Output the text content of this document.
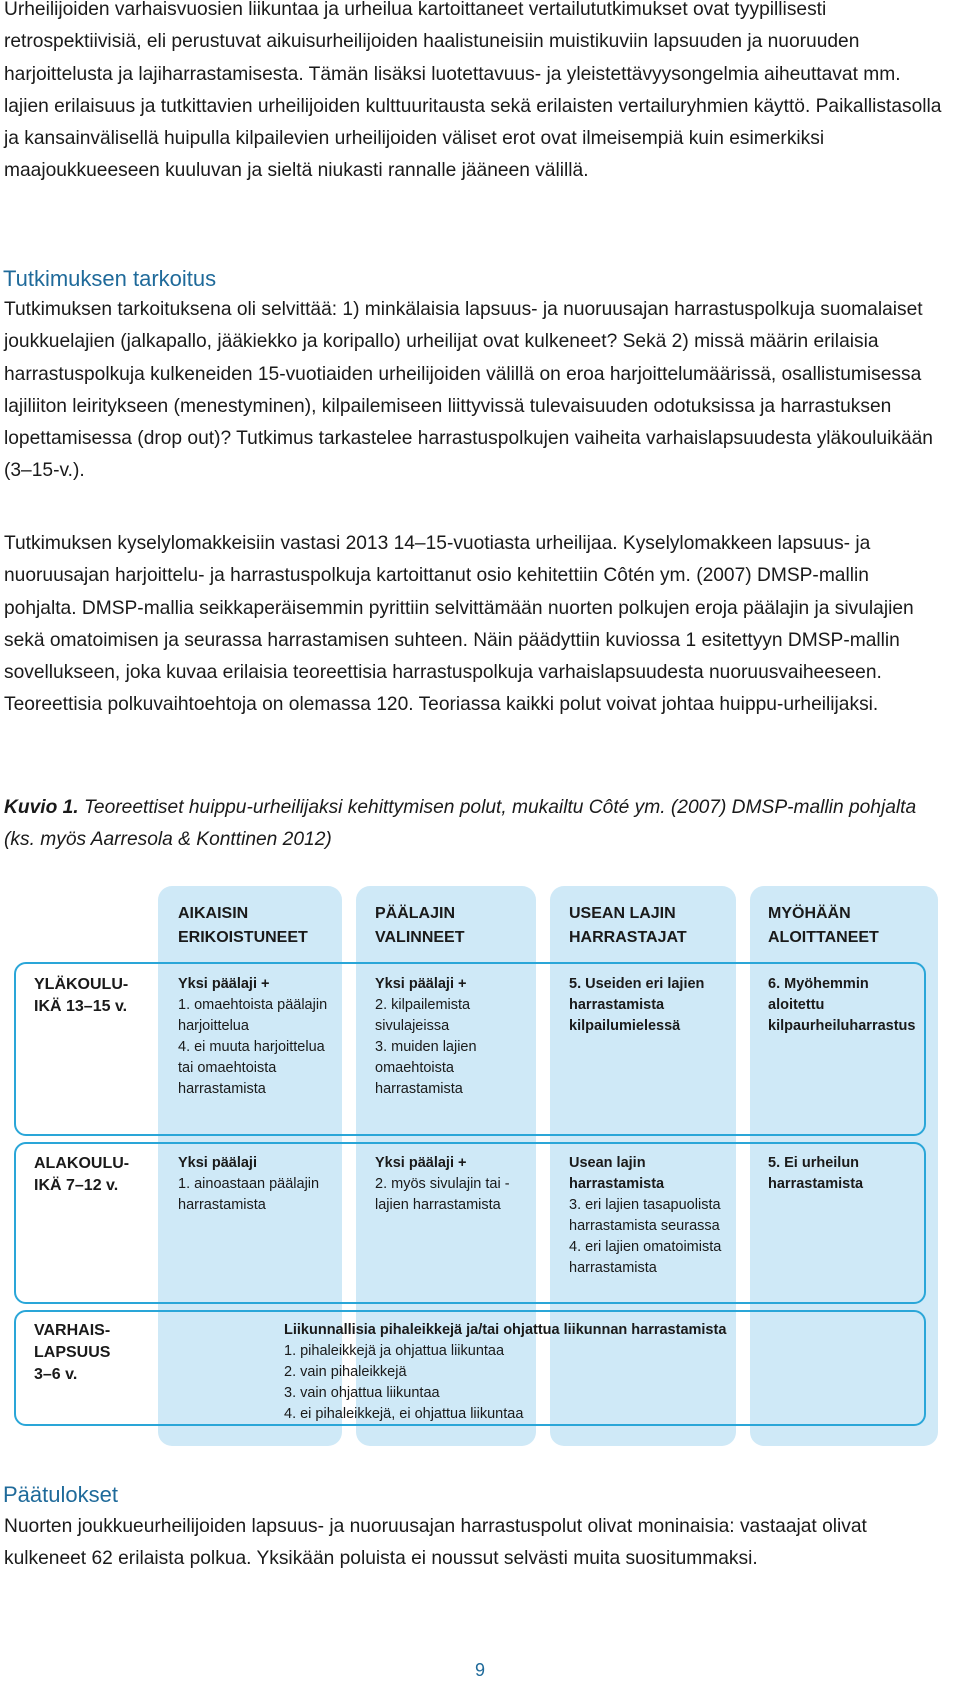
Urheilijoiden varhaisvuosien liikuntaa ja urheilua kartoittaneet vertailututkimukset ovat tyypillisesti retrospektiivisiä, eli perustuvat aikuisurheilijoiden haalistuneisiin muistikuviin lapsuuden ja nuoruuden harjoittelusta ja lajiharrastamisesta. Tämän lisäksi luotettavuus- ja yleistettävyysongelmia aiheuttavat mm. lajien erilaisuus ja tutkittavien urheilijoiden kulttuuritausta sekä erilaisten vertailuryhmien käyttö. Paikallistasolla ja kansainvälisellä huipulla kilpailevien urheilijoiden väliset erot ovat ilmeisempiä kuin esimerkiksi maajoukkueeseen kuuluvan ja sieltä niukasti rannalle jääneen välillä.

Tutkimuksen tarkoitus

Tutkimuksen tarkoituksena oli selvittää: 1) minkälaisia lapsuus- ja nuoruusajan harrastuspolkuja suomalaiset joukkuelajien (jalkapallo, jääkiekko ja koripallo) urheilijat ovat kulkeneet? Sekä 2) missä määrin erilaisia harrastuspolkuja kulkeneiden 15-vuotiaiden urheilijoiden välillä on eroa harjoittelumäärissä, osallistumisessa lajiliiton leiritykseen (menestyminen), kilpailemiseen liittyvissä tulevaisuuden odotuksissa ja harrastuksen lopettamisessa (drop out)? Tutkimus tarkastelee harrastuspolkujen vaiheita varhaislapsuudesta yläkouluikään (3–15-v.).

Tutkimuksen kyselylomakkeisiin vastasi 2013 14–15-vuotiasta urheilijaa. Kyselylomakkeen lapsuus- ja nuoruusajan harjoittelu- ja harrastuspolkuja kartoittanut osio kehitettiin Côtén ym. (2007) DMSP-mallin pohjalta. DMSP-mallia seikkaperäisemmin pyrittiin selvittämään nuorten polkujen eroja päälajin ja sivulajien sekä omatoimisen ja seurassa harrastamisen suhteen. Näin päädyttiin kuviossa 1 esitettyyn DMSP-mallin sovellukseen, joka kuvaa erilaisia teoreettisia harrastuspolkuja varhaislapsuudesta nuoruusvaiheeseen. Teoreettisia polkuvaihtoehtoja on olemassa 120. Teoriassa kaikki polut voivat johtaa huippu-urheilijaksi.

Kuvio 1. Teoreettiset huippu-urheilijaksi kehittymisen polut, mukailtu Côté ym. (2007) DMSP-mallin pohjalta (ks. myös Aarresola & Konttinen 2012)

AIKAISIN
ERIKOISTUNEET
PÄÄLAJIN
VALINNEET
USEAN LAJIN
HARRASTAJAT
MYÖHÄÄN
ALOITTANEET
YLÄKOULU-
IKÄ 13–15 v.
ALAKOULU-
IKÄ 7–12 v.
VARHAIS-
LAPSUUS
3–6 v.
Yksi päälaji +
1. omaehtoista päälajin harjoittelua
4. ei muuta harjoittelua tai omaehtoista harrastamista
Yksi päälaji +
2. kilpailemista sivulajeissa
3. muiden lajien omaehtoista harrastamista
5. Useiden eri lajien harrastamista kilpailumielessä
6. Myöhemmin aloitettu kilpaurheiluharrastus
Yksi päälaji
1. ainoastaan päälajin harrastamista
Yksi päälaji +
2. myös sivulajin tai -lajien harrastamista
Usean lajin harrastamista
3. eri lajien tasapuolista harrastamista seurassa
4. eri lajien omatoimista harrastamista
5. Ei urheilun harrastamista
Liikunnallisia pihaleikkejä ja/tai ohjattua liikunnan harrastamista
1. pihaleikkejä ja ohjattua liikuntaa
2. vain pihaleikkejä
3. vain ohjattua liikuntaa
4. ei pihaleikkejä, ei ohjattua liikuntaa
Päätulokset

Nuorten joukkueurheilijoiden lapsuus- ja nuoruusajan harrastuspolut olivat moninaisia: vastaajat olivat kulkeneet 62 erilaista polkua. Yksikään poluista ei noussut selvästi muita suositummaksi.

9
